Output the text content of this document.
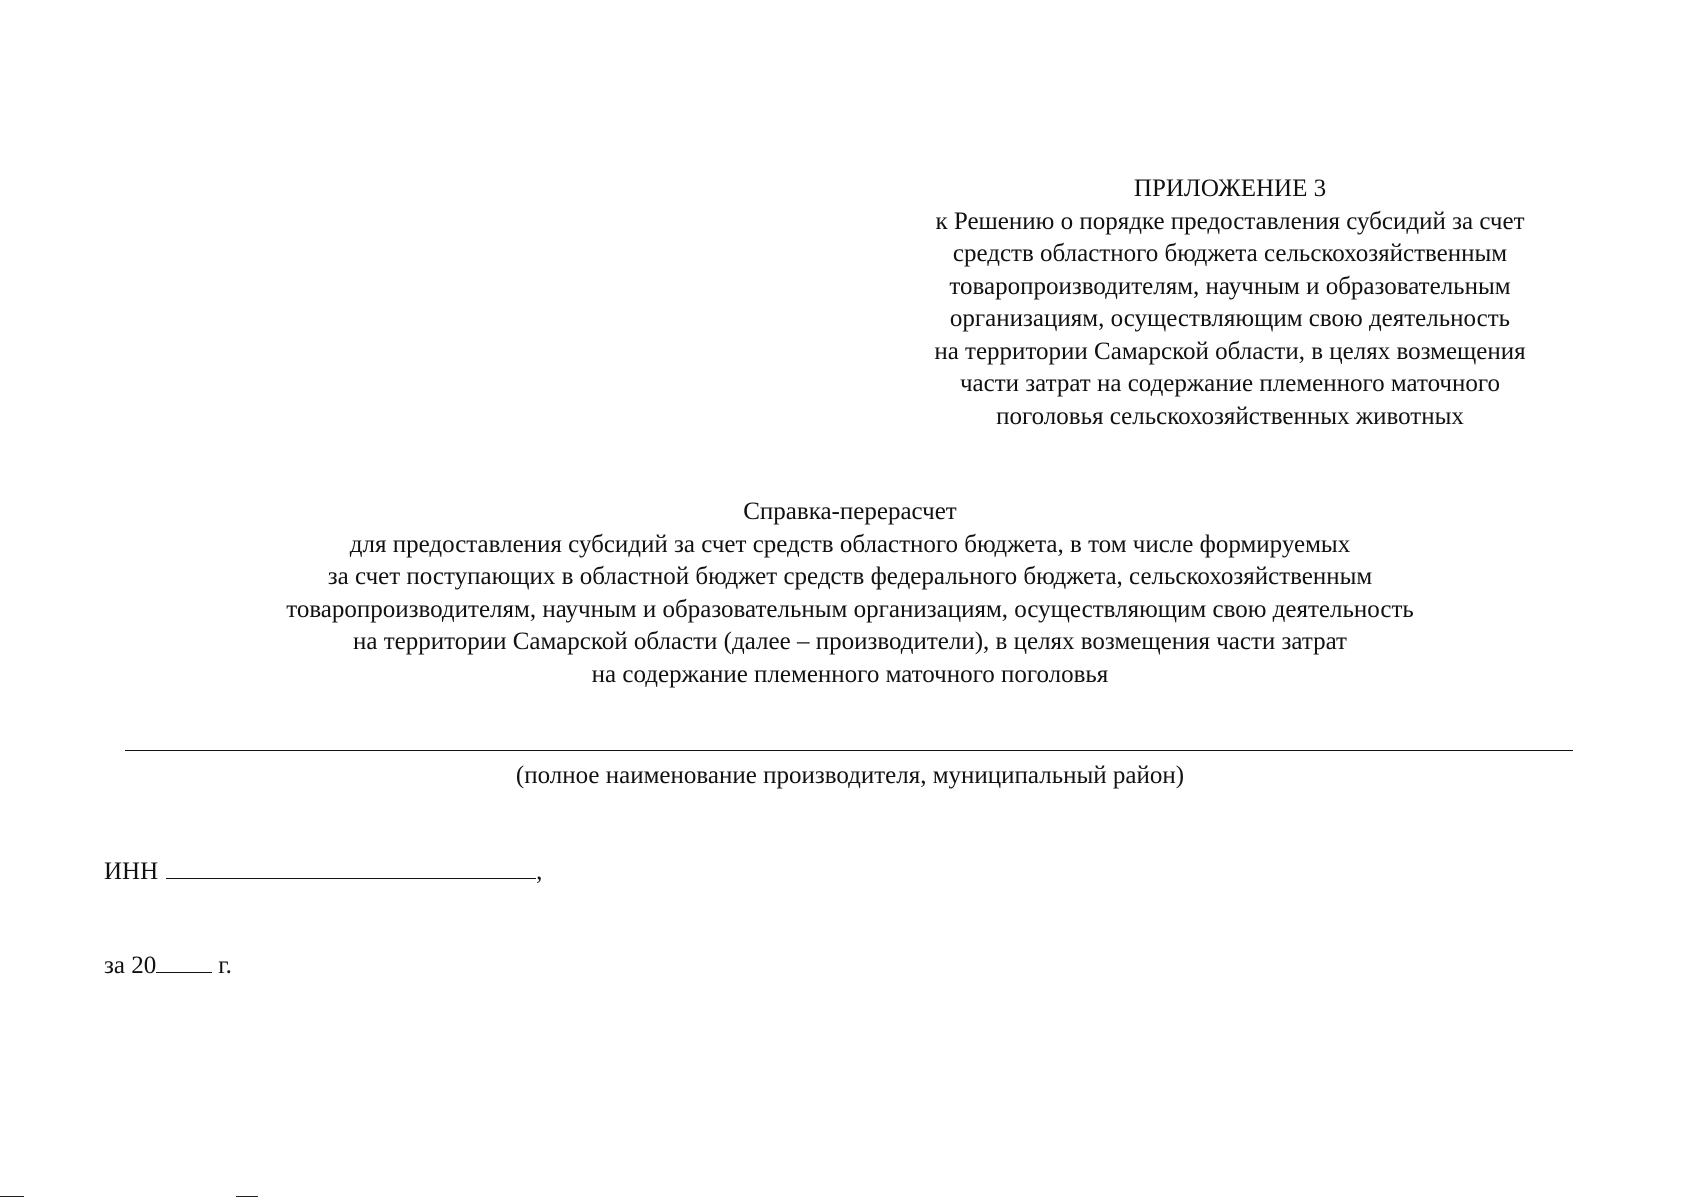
ПРИЛОЖЕНИЕ 3
к Решению о порядке предоставления субсидий за счет
средств областного бюджета сельскохозяйственным
товаропроизводителям, научным и образовательным
организациям, осуществляющим свою деятельность
на территории Самарской области, в целях возмещения
части затрат на содержание племенного маточного
поголовья сельскохозяйственных животных
Справка-перерасчет
для предоставления субсидий за счет средств областного бюджета, в том числе формируемых
за счет поступающих в областной бюджет средств федерального бюджета, сельскохозяйственным
товаропроизводителям, научным и образовательным организациям, осуществляющим свою деятельность
на территории Самарской области (далее – производители), в целях возмещения части затрат
на содержание племенного маточного поголовья
(полное наименование производителя, муниципальный район)
ИНН	,
за 20 г.
